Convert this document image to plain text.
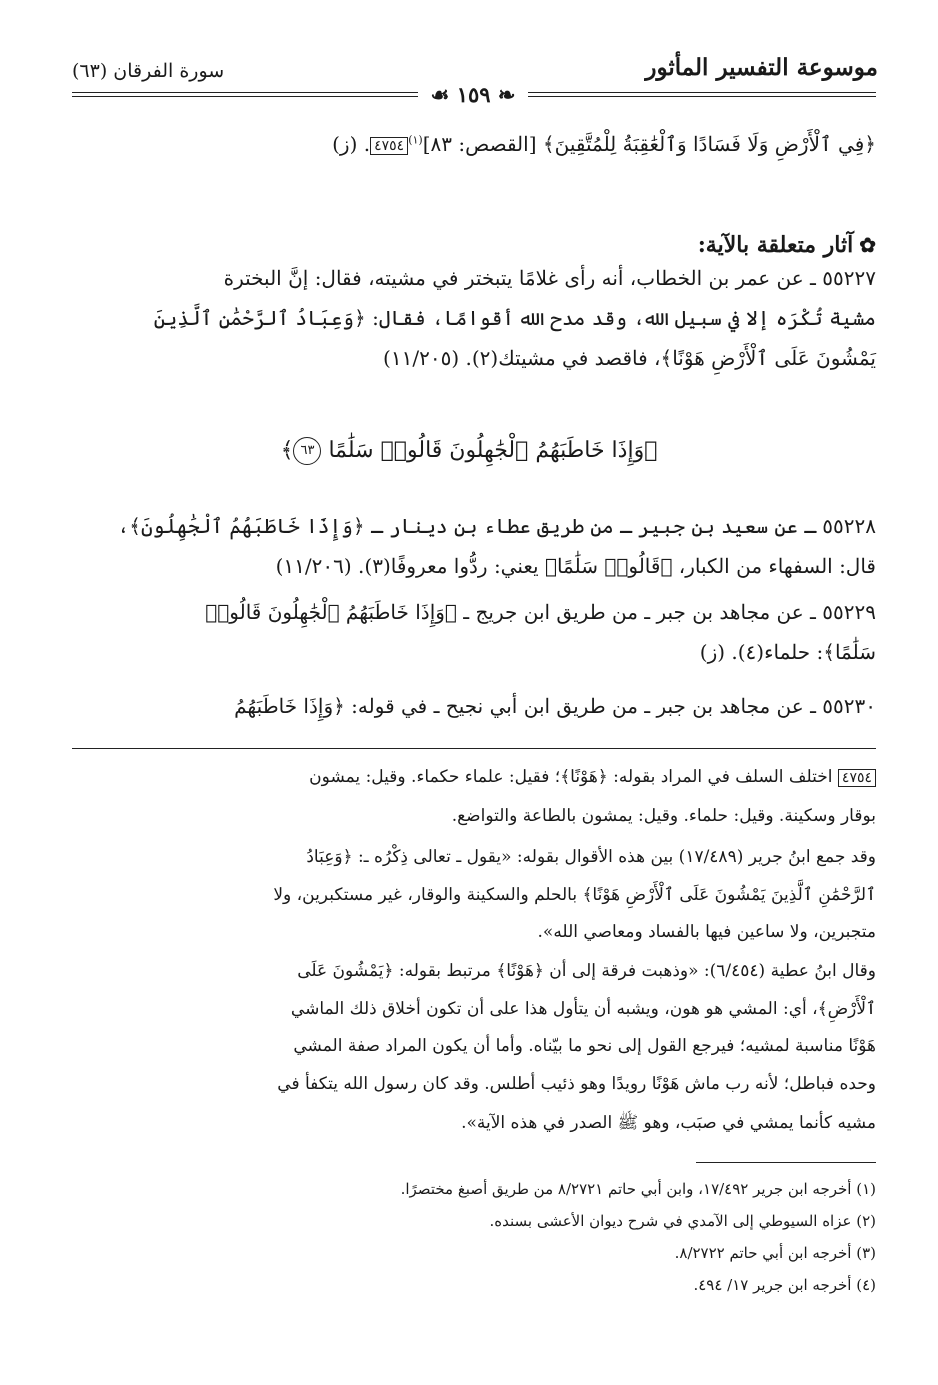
موسوعة التفسير المأثور
سورة الفرقان (٦٣)
❧ ١٥٩ ☙
﴿فِي ٱلْأَرْضِ وَلَا فَسَادًا وَٱلْعَٰقِبَةُ لِلْمُتَّقِينَ﴾ [القصص: ٨٣]$^{(١)}$٤٧٥٤. (ز)
✿آثار متعلقة بالآية:
٥٥٢٢٧ ـ عن عمر بن الخطاب، أنه رأى غلامًا يتبختر في مشيته، فقال: إنَّ البخترة
مشية تُكْرَه إلا في سبيل الله، وقد مدح الله أقوامًا، فقال: ﴿وَعِبَادُ ٱلرَّحْمَٰنِ ٱلَّذِينَ
يَمْشُونَ عَلَى ٱلْأَرْضِ هَوْنًا﴾، فاقصد في مشيتك(٢). (١١/٢٠٥)
﴿وَإِذَا خَاطَبَهُمُ ٱلْجَٰهِلُونَ قَالُوا۟ سَلَٰمًا ٦٣﴾
٥٥٢٢٨ ـ عن سعيد بن جبير ـ من طريق عطاء بن دينار ـ ﴿وَإِذَا خَاطَبَهُمُ ٱلْجَٰهِلُونَ﴾،
قال: السفهاء من الكبار، ﴿قَالُوا۟ سَلَٰمًا﴾ يعني: ردُّوا معروفًا(٣). (١١/٢٠٦)
٥٥٢٢٩ ـ عن مجاهد بن جبر ـ من طريق ابن جريج ـ ﴿وَإِذَا خَاطَبَهُمُ ٱلْجَٰهِلُونَ قَالُوا۟
سَلَٰمًا﴾: حلماء(٤). (ز)
٥٥٢٣٠ ـ عن مجاهد بن جبر ـ من طريق ابن أبي نجيح ـ في قوله: ﴿وَإِذَا خَاطَبَهُمُ
٤٧٥٤ اختلف السلف في المراد بقوله: ﴿هَوْنًا﴾؛ فقيل: علماء حكماء. وقيل: يمشون
بوقار وسكينة. وقيل: حلماء. وقيل: يمشون بالطاعة والتواضع.
وقد جمع ابنُ جرير (١٧/٤٨٩) بين هذه الأقوال بقوله: «يقول ـ تعالى ذِكْرُه ـ: ﴿وَعِبَادُ
ٱلرَّحْمَٰنِ ٱلَّذِينَ يَمْشُونَ عَلَى ٱلْأَرْضِ هَوْنًا﴾ بالحلم والسكينة والوقار، غير مستكبرين، ولا
متجبرين، ولا ساعين فيها بالفساد ومعاصي الله».
وقال ابنُ عطية (٦/٤٥٤): «وذهبت فرقة إلى أن ﴿هَوْنًا﴾ مرتبط بقوله: ﴿يَمْشُونَ عَلَى
ٱلْأَرْضِ﴾، أي: المشي هو هون، ويشبه أن يتأول هذا على أن تكون أخلاق ذلك الماشي
هَوْنًا مناسبة لمشيه؛ فيرجع القول إلى نحو ما بيّناه. وأما أن يكون المراد صفة المشي
وحده فباطل؛ لأنه رب ماش هَوْنًا رويدًا وهو ذئيب أطلس. وقد كان رسول الله يتكفأ في
مشيه كأنما يمشي في صبَب، وهو ﷺ الصدر في هذه الآية».
(١) أخرجه ابن جرير ١٧/٤٩٢، وابن أبي حاتم ٨/٢٧٢١ من طريق أصبغ مختصرًا.
(٢) عزاه السيوطي إلى الآمدي في شرح ديوان الأعشى بسنده.
(٣) أخرجه ابن أبي حاتم ٨/٢٧٢٢.
(٤) أخرجه ابن جرير ١٧/ ٤٩٤.
